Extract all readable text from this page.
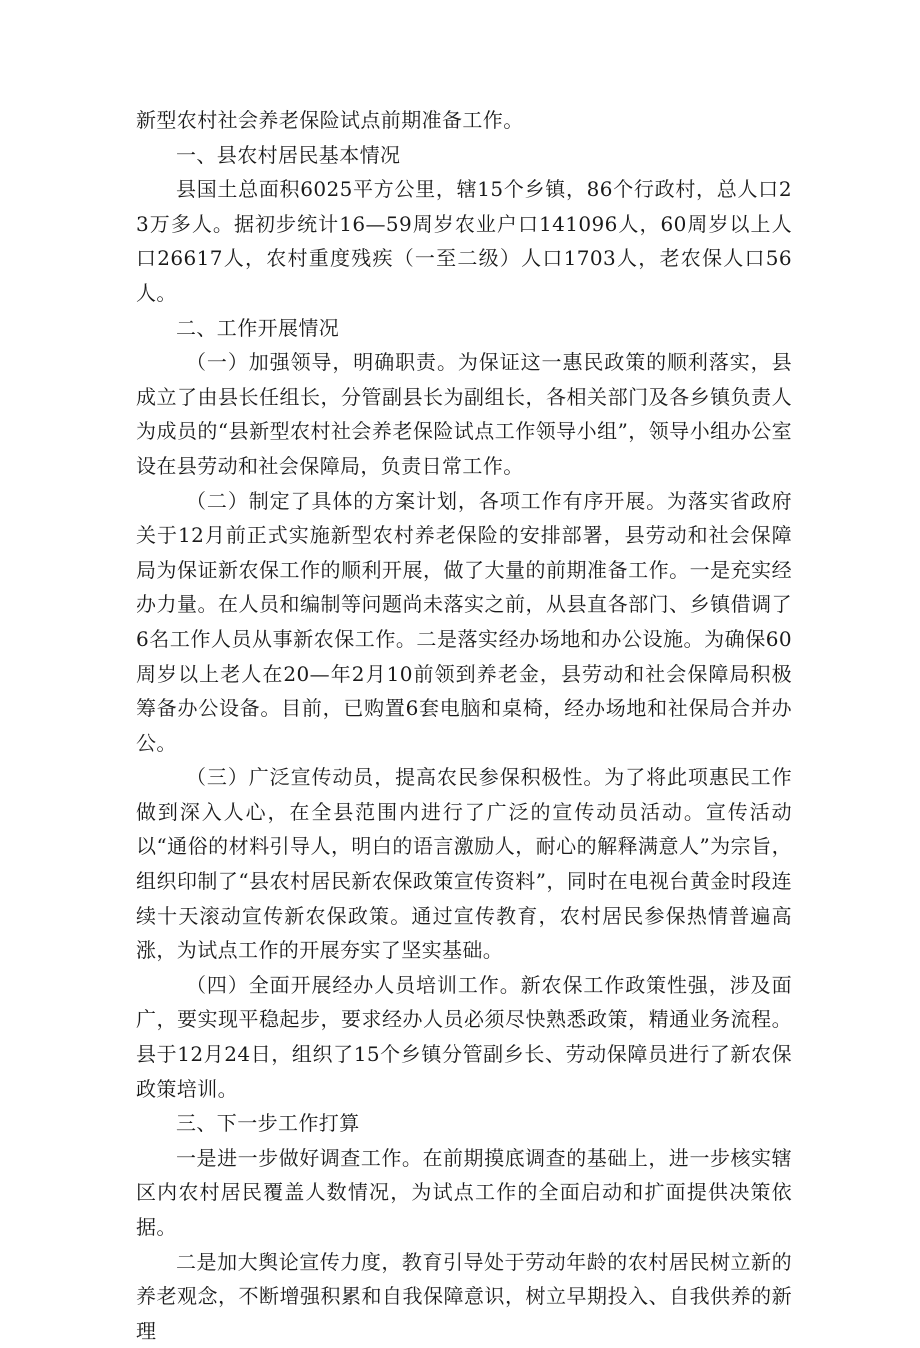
新型农村社会养老保险试点前期准备工作。

一、县农村居民基本情况

县国土总面积6025平方公里，辖15个乡镇，86个行政村，总人口23万多人。据初步统计16—59周岁农业户口141096人，60周岁以上人口26617人，农村重度残疾（一至二级）人口1703人，老农保人口56人。

二、工作开展情况

（一）加强领导，明确职责。为保证这一惠民政策的顺利落实，县成立了由县长任组长，分管副县长为副组长，各相关部门及各乡镇负责人为成员的“县新型农村社会养老保险试点工作领导小组”，领导小组办公室设在县劳动和社会保障局，负责日常工作。

（二）制定了具体的方案计划，各项工作有序开展。为落实省政府关于12月前正式实施新型农村养老保险的安排部署，县劳动和社会保障局为保证新农保工作的顺利开展，做了大量的前期准备工作。一是充实经办力量。在人员和编制等问题尚未落实之前，从县直各部门、乡镇借调了6名工作人员从事新农保工作。二是落实经办场地和办公设施。为确保60周岁以上老人在20—年2月10前领到养老金，县劳动和社会保障局积极筹备办公设备。目前，已购置6套电脑和桌椅，经办场地和社保局合并办公。

（三）广泛宣传动员，提高农民参保积极性。为了将此项惠民工作做到深入人心，在全县范围内进行了广泛的宣传动员活动。宣传活动以“通俗的材料引导人，明白的语言激励人，耐心的解释满意人”为宗旨，组织印制了“县农村居民新农保政策宣传资料”，同时在电视台黄金时段连续十天滚动宣传新农保政策。通过宣传教育，农村居民参保热情普遍高涨，为试点工作的开展夯实了坚实基础。

（四）全面开展经办人员培训工作。新农保工作政策性强，涉及面广，要实现平稳起步，要求经办人员必须尽快熟悉政策，精通业务流程。县于12月24日，组织了15个乡镇分管副乡长、劳动保障员进行了新农保政策培训。

三、下一步工作打算

一是进一步做好调查工作。在前期摸底调查的基础上，进一步核实辖区内农村居民覆盖人数情况，为试点工作的全面启动和扩面提供决策依据。

二是加大舆论宣传力度，教育引导处于劳动年龄的农村居民树立新的养老观念，不断增强积累和自我保障意识，树立早期投入、自我供养的新理
